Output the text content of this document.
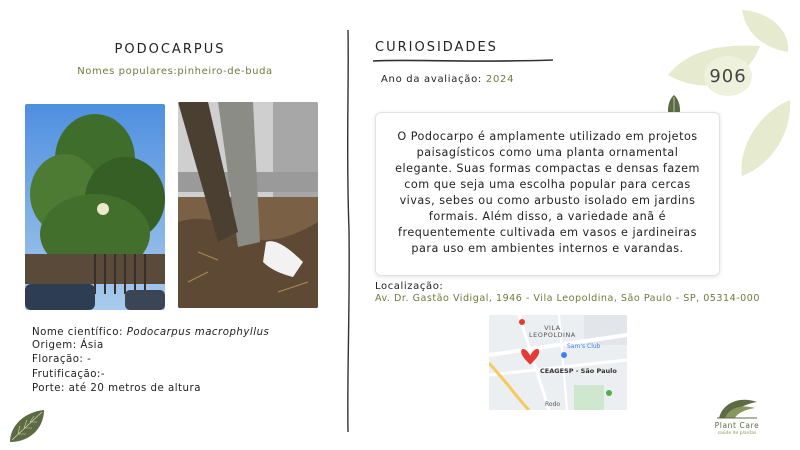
906
PODOCARPUS
Nomes populares:pinheiro-de-buda
Nome científico: Podocarpus macrophyllus
Origem: Ásia
Floração: -
Frutificação:-
Porte: até 20 metros de altura
CURIOSIDADES
Ano da avaliação: 2024
O Podocarpo é amplamente utilizado em projetos paisagísticos como uma planta ornamental elegante. Suas formas compactas e densas fazem com que seja uma escolha popular para cercas vivas, sebes ou como arbusto isolado em jardins formais. Além disso, a variedade anã é frequentemente cultivada em vasos e jardineiras para uso em ambientes internos e varandas.
Localização:
Av. Dr. Gastão Vidigal, 1946 - Vila Leopoldina, São Paulo - SP, 05314-000
VILA
LEOPOLDINA
Sam's Club
CEAGESP - São Paulo
Rodo
Plant Care
saúde de plantas
